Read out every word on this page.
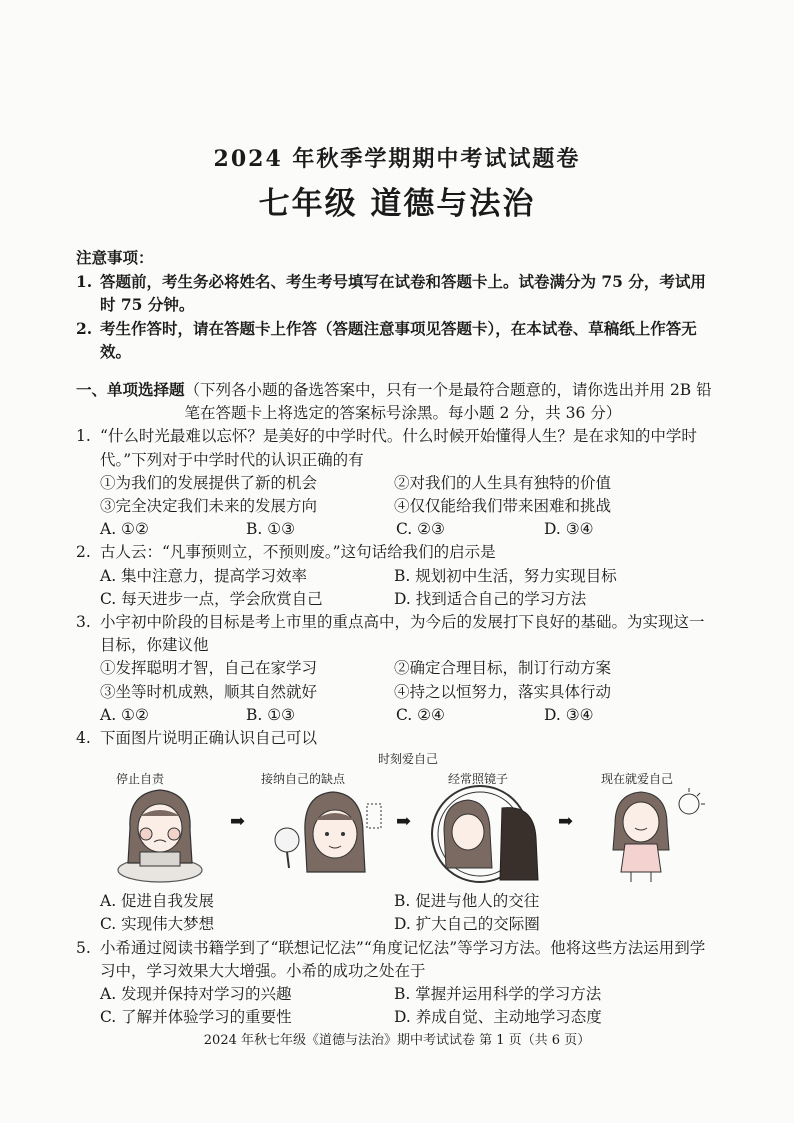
2024 年秋季学期期中考试试题卷
七年级 道德与法治
注意事项：
1. 答题前，考生务必将姓名、考生考号填写在试卷和答题卡上。试卷满分为 75 分，考试用时 75 分钟。
2. 考生作答时，请在答题卡上作答（答题注意事项见答题卡），在本试卷、草稿纸上作答无效。
一、单项选择题 （下列各小题的备选答案中，只有一个是最符合题意的，请你选出并用 2B 铅笔在答题卡上将选定的答案标号涂黑。每小题 2 分，共 36 分）
1. “什么时光最难以忘怀？是美好的中学时代。什么时候开始懂得人生？是在求知的中学时代。”下列对于中学时代的认识正确的有
①为我们的发展提供了新的机会	②对我们的人生具有独特的价值
③完全决定我们未来的发展方向	④仅仅能给我们带来困难和挑战
A. ①②	B. ①③	C. ②③	D. ③④
2. 古人云：“凡事预则立，不预则废。”这句话给我们的启示是
A. 集中注意力，提高学习效率	B. 规划初中生活，努力实现目标
C. 每天进步一点，学会欣赏自己	D. 找到适合自己的学习方法
3. 小宇初中阶段的目标是考上市里的重点高中，为今后的发展打下良好的基础。为实现这一目标，你建议他
①发挥聪明才智，自己在家学习	②确定合理目标，制订行动方案
③坐等时机成熟，顺其自然就好	④持之以恒努力，落实具体行动
A. ①②	B. ①③	C. ②④	D. ③④
4. 下面图片说明正确认识自己可以
时刻爱自己
停止自责
➡
接纳自己的缺点
➡
经常照镜子
➡
现在就爱自己
A. 促进自我发展	B. 促进与他人的交往
C. 实现伟大梦想	D. 扩大自己的交际圈
5. 小希通过阅读书籍学到了“联想记忆法”“角度记忆法”等学习方法。他将这些方法运用到学习中，学习效果大大增强。小希的成功之处在于
A. 发现并保持对学习的兴趣	B. 掌握并运用科学的学习方法
C. 了解并体验学习的重要性	D. 养成自觉、主动地学习态度
2024 年秋七年级《道德与法治》期中考试试卷 第 1 页（共 6 页）
